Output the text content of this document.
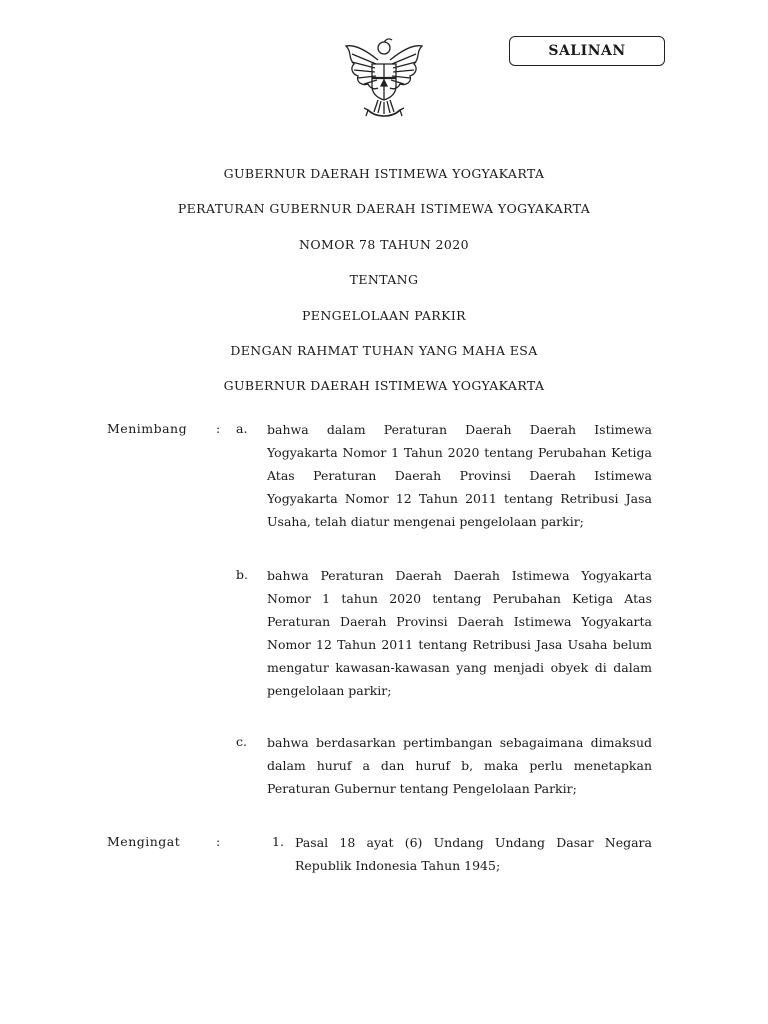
SALINAN
GUBERNUR DAERAH ISTIMEWA YOGYAKARTA
PERATURAN GUBERNUR DAERAH ISTIMEWA YOGYAKARTA
NOMOR 78 TAHUN 2020
TENTANG
PENGELOLAAN PARKIR
DENGAN RAHMAT TUHAN YANG MAHA ESA
GUBERNUR DAERAH ISTIMEWA YOGYAKARTA
Menimbang : a. bahwa dalam Peraturan Daerah Daerah Istimewa Yogyakarta Nomor 1 Tahun 2020 tentang Perubahan Ketiga Atas Peraturan Daerah Provinsi Daerah Istimewa Yogyakarta Nomor 12 Tahun 2011 tentang Retribusi Jasa Usaha, telah diatur mengenai pengelolaan parkir;
b. bahwa Peraturan Daerah Daerah Istimewa Yogyakarta Nomor 1 tahun 2020 tentang Perubahan Ketiga Atas Peraturan Daerah Provinsi Daerah Istimewa Yogyakarta Nomor 12 Tahun 2011 tentang Retribusi Jasa Usaha belum mengatur kawasan-kawasan yang menjadi obyek di dalam pengelolaan parkir;
c. bahwa berdasarkan pertimbangan sebagaimana dimaksud dalam huruf a dan huruf b, maka perlu menetapkan Peraturan Gubernur tentang Pengelolaan Parkir;
Mengingat	:	1. Pasal 18 ayat (6) Undang Undang Dasar Negara Republik Indonesia Tahun 1945;
